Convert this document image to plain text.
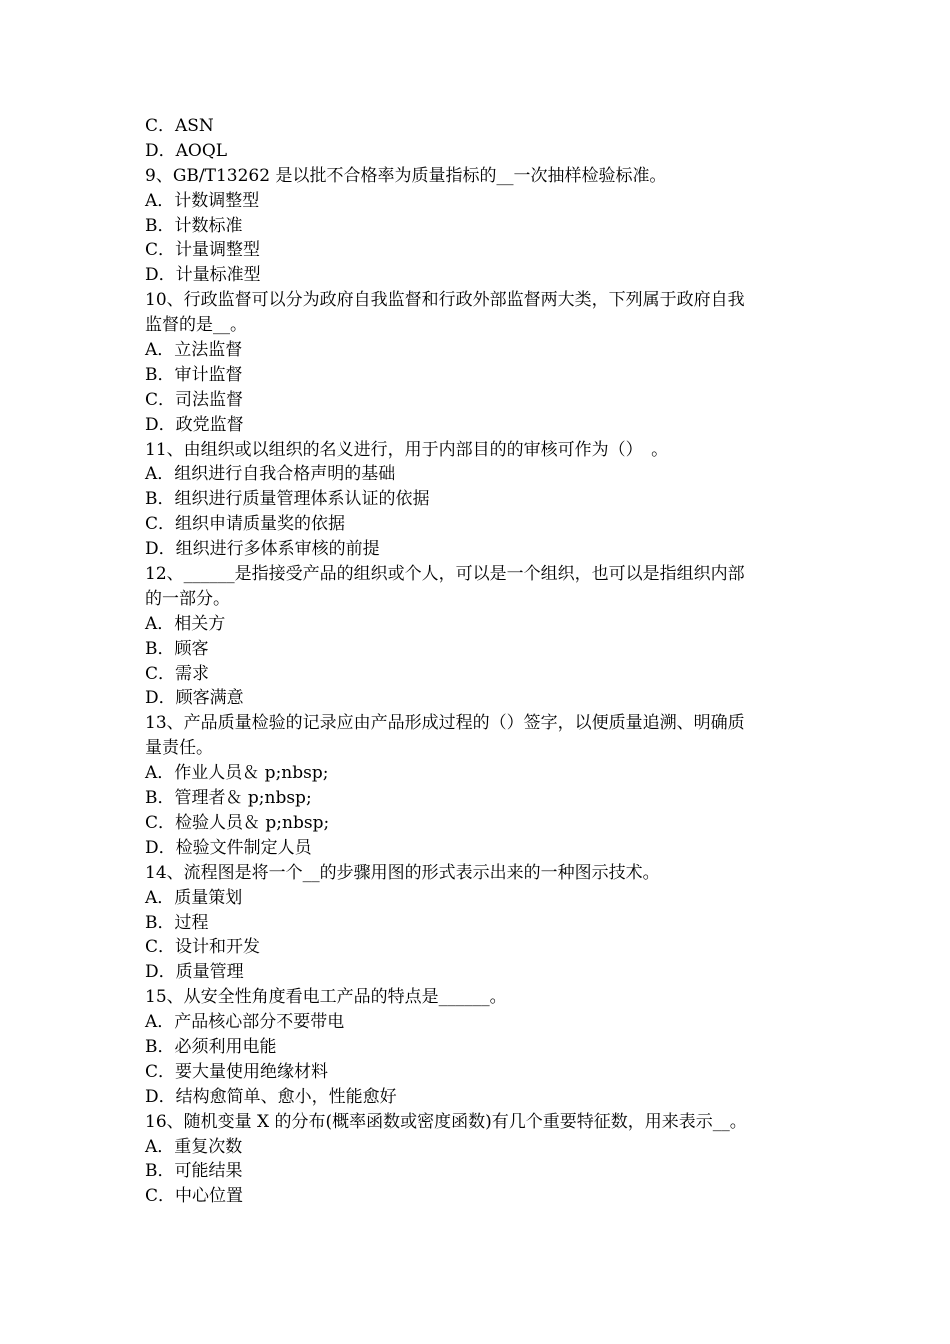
C．ASN
D．AOQL
9、GB/T13262 是以批不合格率为质量指标的__一次抽样检验标准。
A．计数调整型
B．计数标准
C．计量调整型
D．计量标准型
10、行政监督可以分为政府自我监督和行政外部监督两大类，下列属于政府自我
监督的是__。
A．立法监督
B．审计监督
C．司法监督
D．政党监督
11、由组织或以组织的名义进行，用于内部目的的审核可作为（）　。
A．组织进行自我合格声明的基础
B．组织进行质量管理体系认证的依据
C．组织申请质量奖的依据
D．组织进行多体系审核的前提
12、______是指接受产品的组织或个人，可以是一个组织，也可以是指组织内部
的一部分。
A．相关方
B．顾客
C．需求
D．顾客满意
13、产品质量检验的记录应由产品形成过程的（）签字，以便质量追溯、明确质
量责任。
A．作业人员＆ p;nbsp;
B．管理者＆ p;nbsp;
C．检验人员＆ p;nbsp;
D．检验文件制定人员
14、流程图是将一个__的步骤用图的形式表示出来的一种图示技术。
A．质量策划
B．过程
C．设计和开发
D．质量管理
15、从安全性角度看电工产品的特点是______。
A．产品核心部分不要带电
B．必须利用电能
C．要大量使用绝缘材料
D．结构愈简单、愈小，性能愈好
16、随机变量 X 的分布(概率函数或密度函数)有几个重要特征数，用来表示__。
A．重复次数
B．可能结果
C．中心位置
